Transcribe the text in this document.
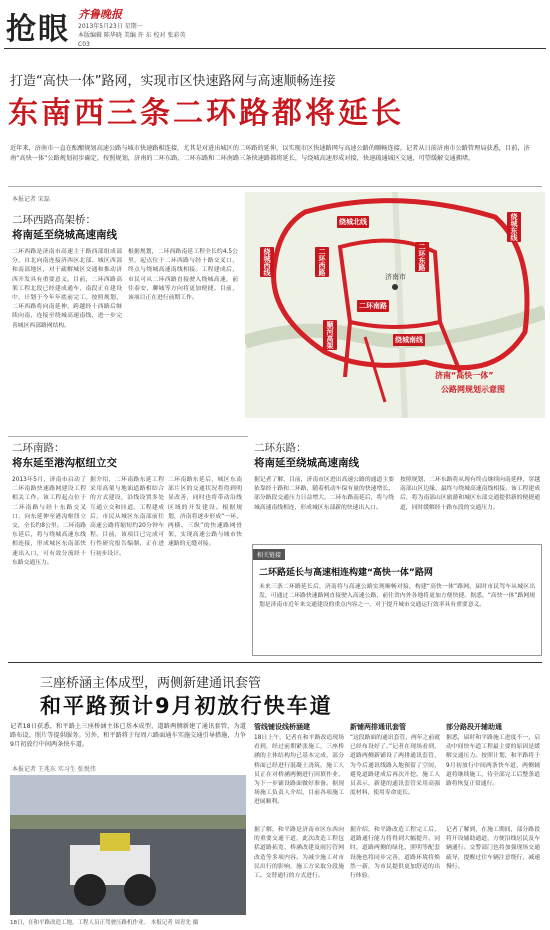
抢眼 齐鲁晚报
2013年5月23日 星期一
本版编辑 陈华晓 美编 许 东 校对 张彩英
C03
打造“高快一体”路网，实现市区快速路网与高速顺畅连接
东南西三条二环路都将延长
近年来，济南市一直在酝酿规划高速公路与城市快速路相连接，尤其是对进出城区的二环路的延伸，以实现市区快速路网与高速公路的顺畅连接。记者从日前济南市公路管理局获悉，目前，济南“高快一体”公路规划初步确定，按照规划，济南的二环东路、二环东路和二环南路三条快速路都将延长，与绕城高速形成对接，快速疏通城区交通，可望缓解交通拥堵。
本报记者 宋磊
二环西路高架桥：
将南延至绕城高速南线
二环西路是济南市高速主干路西部组成部分，自北向南连接济西区北部、城区西部和南部地区，对于疏解城区交通和推动济西开发具有重要意义。目前，二环西路高架工程北段已经建成通车，南段正在建设中，计划于今年年底前完工。按照规划，二环西路将向南延伸，跨越经十西路后继续向南，连接至绕城高速南线，进一步完善城区西部路网结构。
根据规划，二环西路南延工程全长约4.5公里，起点位于二环西路与经十路交叉口，终点与绕城高速南线相接。工程建成后，市民可从二环西路直接驶入绕城高速，前往泰安、聊城等方向将更加便捷。目前，该项目正在进行前期工作。
绕城北线
绕城西线
绕城东线
绕城南线
二环西路	二环东路
二环南路
顺河高架
济南市
济南“高快一体”
公路网规划示意图
二环南路：
将东延至港沟枢纽立交
2013年5月，济南市启动了二环南路快速路网建设工程相关工作。该工程起点位于二环南路与经十东路交叉口，向东延伸至港沟枢纽立交，全长约8公里。二环南路东延后，将与绕城高速东线相连接，形成城区东南部快速出入口，可有效分流经十东路交通压力。
据介绍，二环南路东延工程采用高架与地面道路相结合的方式建设，沿线设置多处互通立交和匝道。工程建成后，市民从城区东南部前往高速公路将缩短约20分钟车程。目前，该项目已完成可行性研究报告编制，正在进行初步设计。
二环南路东延后，城区东南部片区的交通状况将得到明显改善，同时也将带动沿线区域的开发建设。根据规划，济南将逐步形成“一环、两横、三纵”的快速路网骨架，实现高速公路与城市快速路的无缝对接。
二环东路：
将南延至绕城高速南线
据记者了解，目前，济南市区进出高速公路的通道主要依靠经十路和二环路，随着机动车保有量的快速增长，部分路段交通压力日益增大。二环东路南延后，将与绕城高速南线相连，形成城区东部新的快速出入口。
按照规划，二环东路将从现有终点继续向南延伸，穿越南部山区边缘，最终与绕城高速南线相接。该工程建成后，将为南部山区旅游和城区东部交通提供新的便捷通道，同时缓解经十路东段的交通压力。
相关链接
二环路延长与高速相连构建“高快一体”路网
未来三条二环路延长后，济南将与高速公路实现顺畅对接，构建“高快一体”路网。届时市民驾车从城区出发，可通过二环路快速路网直接驶入高速公路，前往省内外各地将更加方便快捷。据悉，“高快一体”路网规划是济南市近年来交通建设的重点内容之一，对于提升城市交通运行效率具有重要意义。
三座桥涵主体成型，两侧新建通讯套管
和平路预计9月初放行快车道
记者18日获悉，和平路上三座桥涵主体已基本成型，道路两侧新建了通讯套管，为道路布设、照片等提供服务。另外，和平路将于每周六路面通车实施交通引导措施，力争9月初放行中间两条快车道。
本报记者 王兆东 实习生 张悦伟
18日，在和平路改造工地，工程人员正驾驶压路机作业。 本报记者 周青先 摄
管线铺设线桥涵建
18日上午，记者在和平路改造现场看到，经过前期紧张施工，三座桥涵的主体结构均已基本完成，部分桥面已经进行混凝土浇筑。施工人员正在对桥涵两侧进行回填作业，为下一步铺设路面做好准备。据现场施工负责人介绍，目前各项施工进展顺利。
据了解，和平路是济南市区东西向的重要交通干道，此次改造工程包括道路拓宽、桥涵改建及雨污管网改造等多项内容。为减少施工对市民出行的影响，施工方采取分段施工、交替通行的方式进行。
新铺两排通讯套管
“这段路面的通讯套管，两年之前就已经布设好了。”记者在现场看到，道路两侧新铺设了两排通讯套管，为今后通讯线路入地预留了空间，避免道路建成后再次开挖。施工人员表示，新建的通讯套管采用高强度材料，使用寿命更长。
据介绍，和平路改造工程完工后，道路通行能力将得到大幅提升。同时，道路两侧的绿化、照明等配套设施也将同步完善，道路环境将焕然一新，为市民提供更加舒适的出行体验。
部分路段开辅助通
据悉，届时和平路施工进度不一，启动中间快车道工程最主要的原因是缓解交通压力。按照计划，和平路将于9月初放行中间两条快车道，两侧辅道将继续施工，待全部完工后整条道路将恢复正常通行。
记者了解到，在施工期间，部分路段将开设辅助通道，方便沿线居民及车辆通行。交警部门也将加强现场交通疏导，提醒过往车辆注意绕行，减速慢行。
